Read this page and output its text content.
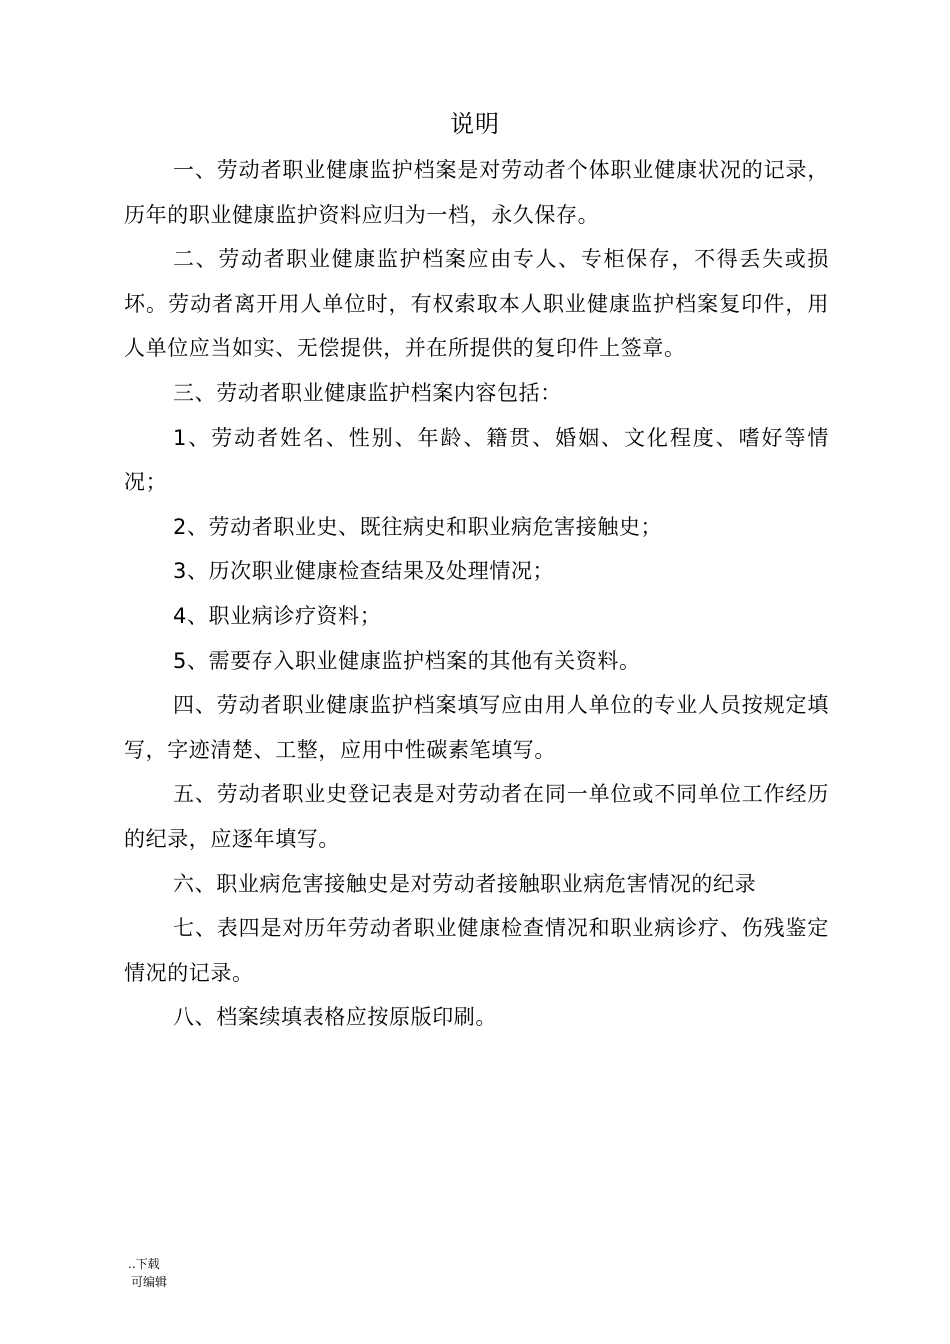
说明

一、劳动者职业健康监护档案是对劳动者个体职业健康状况的记录，历年的职业健康监护资料应归为一档，永久保存。

二、劳动者职业健康监护档案应由专人、专柜保存，不得丢失或损坏。劳动者离开用人单位时，有权索取本人职业健康监护档案复印件，用人单位应当如实、无偿提供，并在所提供的复印件上签章。

三、劳动者职业健康监护档案内容包括：

1、劳动者姓名、性别、年龄、籍贯、婚姻、文化程度、嗜好等情况；

2、劳动者职业史、既往病史和职业病危害接触史；

3、历次职业健康检查结果及处理情况；

4、职业病诊疗资料；

5、需要存入职业健康监护档案的其他有关资料。

四、劳动者职业健康监护档案填写应由用人单位的专业人员按规定填写，字迹清楚、工整，应用中性碳素笔填写。

五、劳动者职业史登记表是对劳动者在同一单位或不同单位工作经历的纪录，应逐年填写。

六、职业病危害接触史是对劳动者接触职业病危害情况的纪录

七、表四是对历年劳动者职业健康检查情况和职业病诊疗、伤残鉴定情况的记录。

八、档案续填表格应按原版印刷。

..下载
可编辑
